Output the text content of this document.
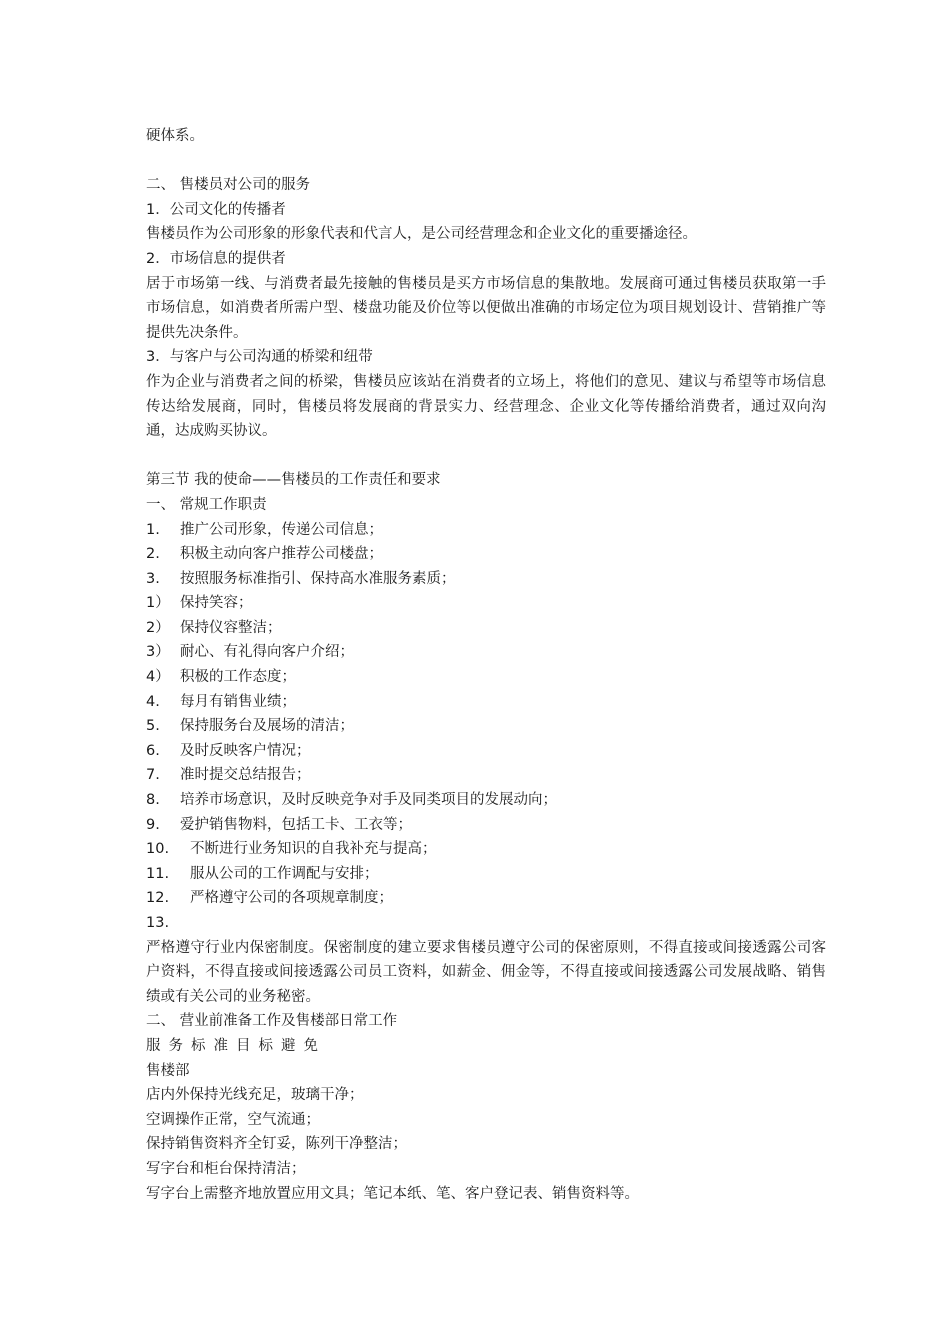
硬体系。

二、 售楼员对公司的服务

1．公司文化的传播者

售楼员作为公司形象的形象代表和代言人，是公司经营理念和企业文化的重要播途径。

2．市场信息的提供者

居于市场第一线、与消费者最先接触的售楼员是买方市场信息的集散地。发展商可通过售楼员获取第一手市场信息，如消费者所需户型、楼盘功能及价位等以便做出准确的市场定位为项目规划设计、营销推广等提供先决条件。

3．与客户与公司沟通的桥梁和纽带

作为企业与消费者之间的桥梁，售楼员应该站在消费者的立场上，将他们的意见、建议与希望等市场信息传达给发展商，同时，售楼员将发展商的背景实力、经营理念、企业文化等传播给消费者，通过双向沟通，达成购买协议。

第三节 我的使命——售楼员的工作责任和要求

一、 常规工作职责

1. 推广公司形象，传递公司信息；

2. 积极主动向客户推荐公司楼盘；

3. 按照服务标准指引、保持高水准服务素质；

1） 保持笑容；

2） 保持仪容整洁；

3） 耐心、有礼得向客户介绍；

4） 积极的工作态度；

4. 每月有销售业绩；

5. 保持服务台及展场的清洁；

6. 及时反映客户情况；

7. 准时提交总结报告；

8. 培养市场意识，及时反映竞争对手及同类项目的发展动向；

9. 爱护销售物料，包括工卡、工衣等；

10. 不断进行业务知识的自我补充与提高；

11. 服从公司的工作调配与安排；

12. 严格遵守公司的各项规章制度；

13.

严格遵守行业内保密制度。保密制度的建立要求售楼员遵守公司的保密原则，不得直接或间接透露公司客户资料，不得直接或间接透露公司员工资料，如薪金、佣金等，不得直接或间接透露公司发展战略、销售绩或有关公司的业务秘密。

二、 营业前准备工作及售楼部日常工作

服务标准目标避免

售楼部

店内外保持光线充足，玻璃干净；

空调操作正常，空气流通；

保持销售资料齐全钉妥，陈列干净整洁；

写字台和柜台保持清洁；

写字台上需整齐地放置应用文具；笔记本纸、笔、客户登记表、销售资料等。
